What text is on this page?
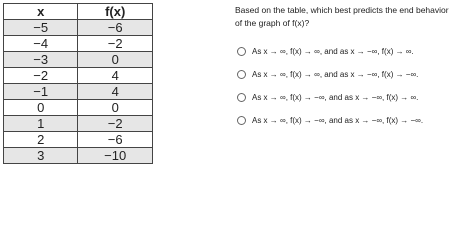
x	f(x)
−5	−6
−4	−2
−3	0
−2	4
−1	4
0	0
1	−2
2	−6
3	−10
Based on the table, which best predicts the end behavior
of the graph of f(x)?
As x → ∞, f(x) → ∞, and as x → −∞, f(x) → ∞.
As x → ∞, f(x) → ∞, and as x → −∞, f(x) → −∞.
As x → ∞, f(x) → −∞, and as x → −∞, f(x) → ∞.
As x → ∞, f(x) → −∞, and as x → −∞, f(x) → −∞.
